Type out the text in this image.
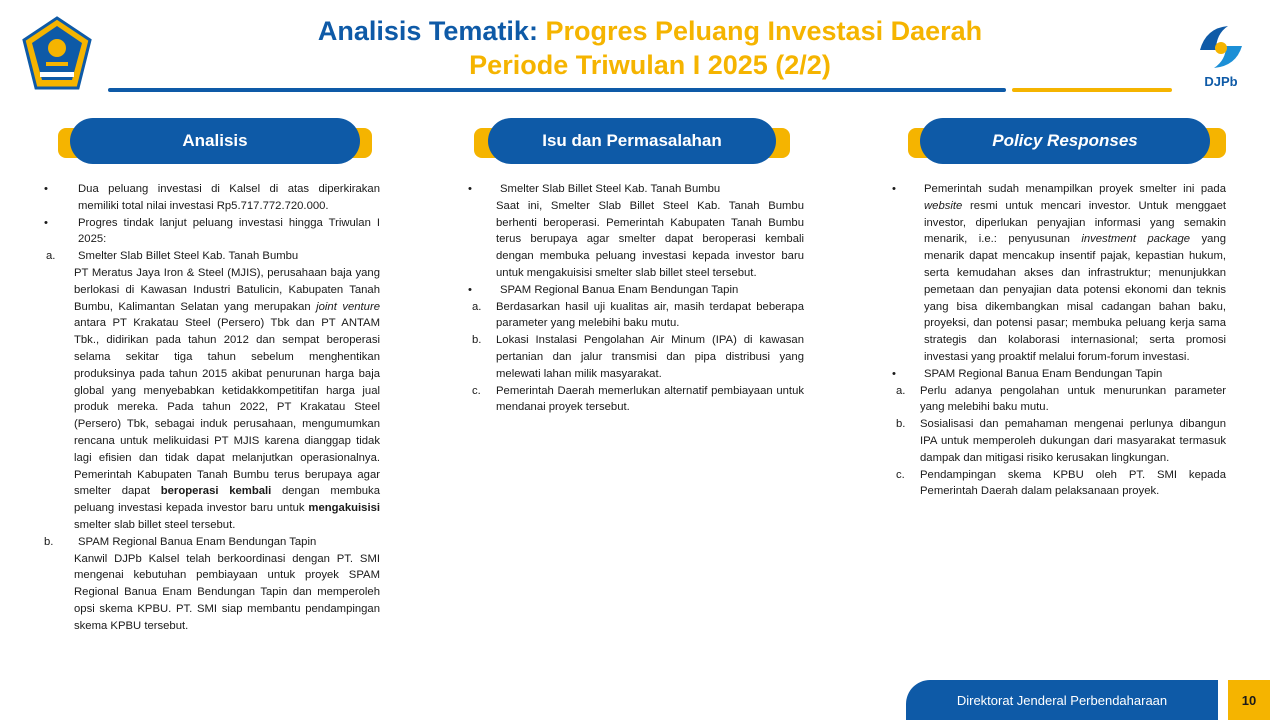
Analisis Tematik: Progres Peluang Investasi Daerah
Periode Triwulan I 2025 (2/2)
DJPb
Analisis	Isu dan Permasalahan	Policy Responses
•	Dua peluang investasi di Kalsel di atas diperkirakan memiliki total nilai investasi Rp5.717.772.720.000.
•	Progres tindak lanjut peluang investasi hingga Triwulan I 2025:
a.	Smelter Slab Billet Steel Kab. Tanah Bumbu

PT Meratus Jaya Iron & Steel (MJIS), perusahaan baja yang berlokasi di Kawasan Industri Batulicin, Kabupaten Tanah Bumbu, Kalimantan Selatan yang merupakan joint venture antara PT Krakatau Steel (Persero) Tbk dan PT ANTAM Tbk., didirikan pada tahun 2012 dan sempat beroperasi selama sekitar tiga tahun sebelum menghentikan produksinya pada tahun 2015 akibat penurunan harga baja global yang menyebabkan ketidakkompetitifan harga jual produk mereka. Pada tahun 2022, PT Krakatau Steel (Persero) Tbk, sebagai induk perusahaan, mengumumkan rencana untuk melikuidasi PT MJIS karena dianggap tidak lagi efisien dan tidak dapat melanjutkan operasionalnya. Pemerintah Kabupaten Tanah Bumbu terus berupaya agar smelter dapat beroperasi kembali dengan membuka peluang investasi kepada investor baru untuk mengakuisisi smelter slab billet steel tersebut.

b.	SPAM Regional Banua Enam Bendungan Tapin

Kanwil DJPb Kalsel telah berkoordinasi dengan PT. SMI mengenai kebutuhan pembiayaan untuk proyek SPAM Regional Banua Enam Bendungan Tapin dan memperoleh opsi skema KPBU. PT. SMI siap membantu pendampingan skema KPBU tersebut.

•	Smelter Slab Billet Steel Kab. Tanah Bumbu

Saat ini, Smelter Slab Billet Steel Kab. Tanah Bumbu berhenti beroperasi. Pemerintah Kabupaten Tanah Bumbu terus berupaya agar smelter dapat beroperasi kembali dengan membuka peluang investasi kepada investor baru untuk mengakuisisi smelter slab billet steel tersebut.

•	SPAM Regional Banua Enam Bendungan Tapin
a.	Berdasarkan hasil uji kualitas air, masih terdapat beberapa parameter yang melebihi baku mutu.
b.	Lokasi Instalasi Pengolahan Air Minum (IPA) di kawasan pertanian dan jalur transmisi dan pipa distribusi yang melewati lahan milik masyarakat.
c.	Pemerintah Daerah memerlukan alternatif pembiayaan untuk mendanai proyek tersebut.
•	Pemerintah sudah menampilkan proyek smelter ini pada website resmi untuk mencari investor. Untuk menggaet investor, diperlukan penyajian informasi yang semakin menarik, i.e.: penyusunan investment package yang menarik dapat mencakup insentif pajak, kepastian hukum, serta kemudahan akses dan infrastruktur; menunjukkan pemetaan dan penyajian data potensi ekonomi dan teknis yang bisa dikembangkan misal cadangan bahan baku, proyeksi, dan potensi pasar; membuka peluang kerja sama strategis dan kolaborasi internasional; serta promosi investasi yang proaktif melalui forum-forum investasi.
•	SPAM Regional Banua Enam Bendungan Tapin
a.	Perlu adanya pengolahan untuk menurunkan parameter yang melebihi baku mutu.
b.	Sosialisasi dan pemahaman mengenai perlunya dibangun IPA untuk memperoleh dukungan dari masyarakat termasuk dampak dan mitigasi risiko kerusakan lingkungan.
c.	Pendampingan skema KPBU oleh PT. SMI kepada Pemerintah Daerah dalam pelaksanaan proyek.
Direktorat Jenderal Perbendaharaan	10
